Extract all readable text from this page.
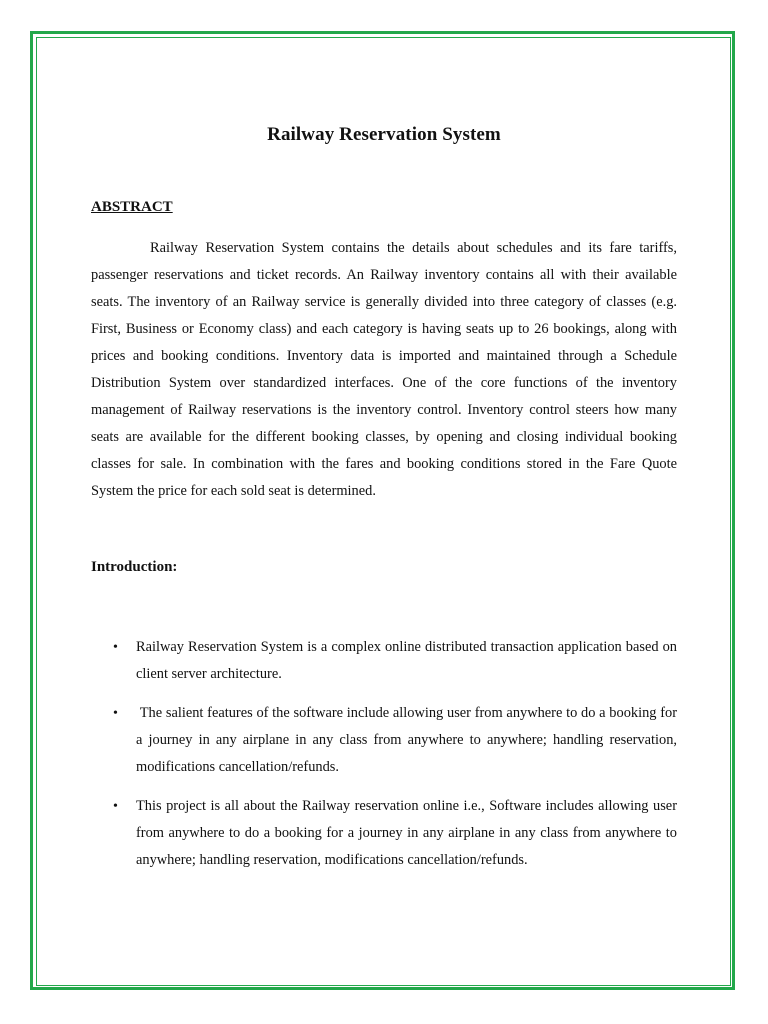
Railway Reservation System
ABSTRACT

Railway Reservation System contains the details about schedules and its fare tariffs, passenger reservations and ticket records. An Railway inventory contains all with their available seats. The inventory of an Railway service is generally divided into three category of classes (e.g. First, Business or Economy class) and each category is having seats up to 26 bookings, along with prices and booking conditions. Inventory data is imported and maintained through a Schedule Distribution System over standardized interfaces. One of the core functions of the inventory management of Railway reservations is the inventory control. Inventory control steers how many seats are available for the different booking classes, by opening and closing individual booking classes for sale. In combination with the fares and booking conditions stored in the Fare Quote System the price for each sold seat is determined.

Introduction:
• Railway Reservation System is a complex online distributed transaction application based on client server architecture.
• The salient features of the software include allowing user from anywhere to do a booking for a journey in any airplane in any class from anywhere to anywhere; handling reservation, modifications cancellation/refunds.
• This project is all about the Railway reservation online i.e., Software includes allowing user from anywhere to do a booking for a journey in any airplane in any class from anywhere to anywhere; handling reservation, modifications cancellation/refunds.
